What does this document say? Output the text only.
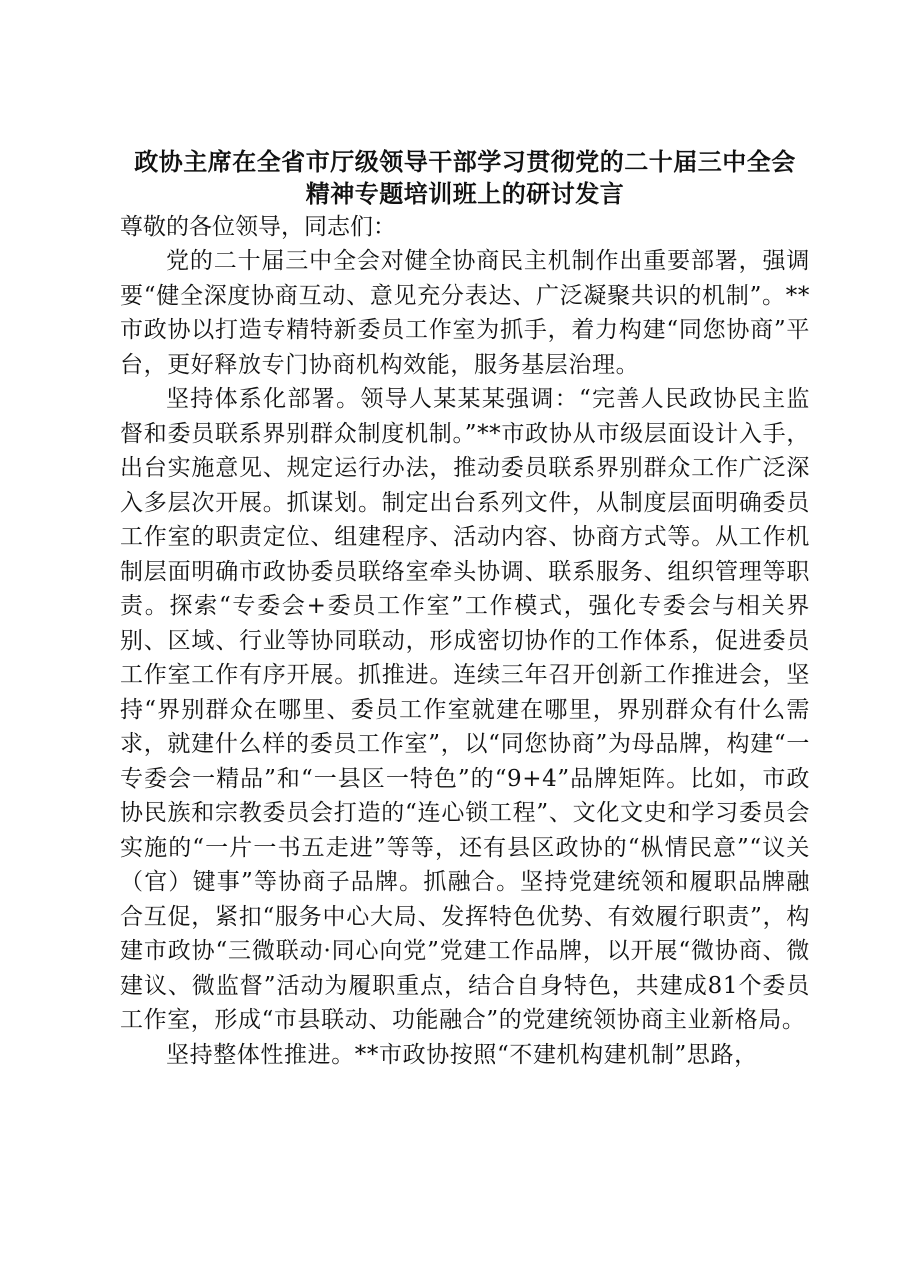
政协主席在全省市厅级领导干部学习贯彻党的二十届三中全会
精神专题培训班上的研讨发言

尊敬的各位领导，同志们：

党的二十届三中全会对健全协商民主机制作出重要部署，强调要“健全深度协商互动、意见充分表达、广泛凝聚共识的机制”。**市政协以打造专精特新委员工作室为抓手，着力构建“同您协商”平台，更好释放专门协商机构效能，服务基层治理。

坚持体系化部署。领导人某某某强调：“完善人民政协民主监督和委员联系界别群众制度机制。”**市政协从市级层面设计入手，出台实施意见、规定运行办法，推动委员联系界别群众工作广泛深入多层次开展。抓谋划。制定出台系列文件，从制度层面明确委员工作室的职责定位、组建程序、活动内容、协商方式等。从工作机制层面明确市政协委员联络室牵头协调、联系服务、组织管理等职责。探索“专委会+委员工作室”工作模式，强化专委会与相关界别、区域、行业等协同联动，形成密切协作的工作体系，促进委员工作室工作有序开展。抓推进。连续三年召开创新工作推进会，坚持“界别群众在哪里、委员工作室就建在哪里，界别群众有什么需求，就建什么样的委员工作室”，以“同您协商”为母品牌，构建“一专委会一精品”和“一县区一特色”的“9+4”品牌矩阵。比如，市政协民族和宗教委员会打造的“连心锁工程”、文化文史和学习委员会实施的“一片一书五走进”等等，还有县区政协的“枞情民意”“议关（官）键事”等协商子品牌。抓融合。坚持党建统领和履职品牌融合互促，紧扣“服务中心大局、发挥特色优势、有效履行职责”，构建市政协“三微联动·同心向党”党建工作品牌，以开展“微协商、微建议、微监督”活动为履职重点，结合自身特色，共建成81个委员工作室，形成“市县联动、功能融合”的党建统领协商主业新格局。

坚持整体性推进。**市政协按照“不建机构建机制”思路，
